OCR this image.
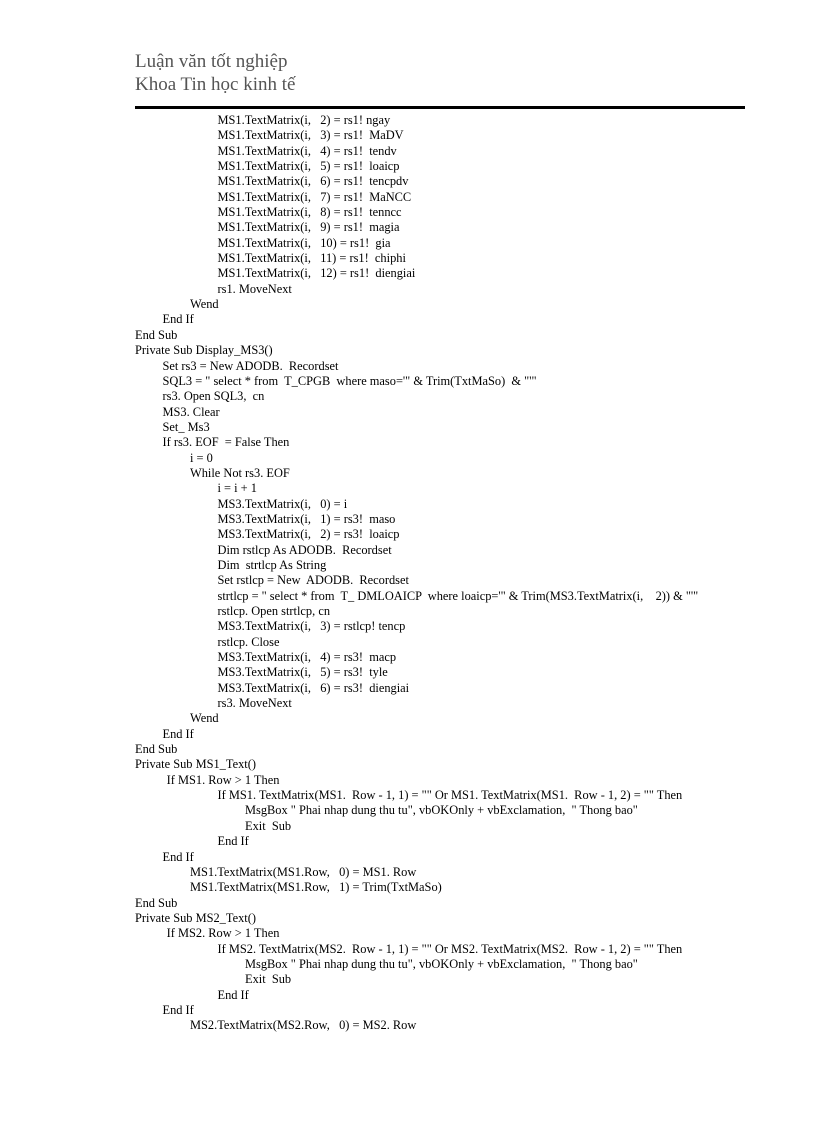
Luận văn tốt nghiệp
Khoa Tin học kinh tế
MS1.TextMatrix(i,   2) = rs1! ngay
MS1.TextMatrix(i,   3) = rs1!  MaDV
MS1.TextMatrix(i,   4) = rs1!  tendv
MS1.TextMatrix(i,   5) = rs1!  loaicp
MS1.TextMatrix(i,   6) = rs1!  tencpdv
MS1.TextMatrix(i,   7) = rs1!  MaNCC
MS1.TextMatrix(i,   8) = rs1!  tenncc
MS1.TextMatrix(i,   9) = rs1!  magia
MS1.TextMatrix(i,   10) = rs1!  gia
MS1.TextMatrix(i,   11) = rs1!  chiphi
MS1.TextMatrix(i,   12) = rs1!  diengiai
rs1. MoveNext
Wend
End If
End Sub
Private Sub Display_MS3()
Set rs3 = New ADODB.  Recordset
SQL3 = " select * from  T_CPGB  where maso='" & Trim(TxtMaSo)  & "'"
rs3. Open SQL3,  cn
MS3. Clear
Set_ Ms3
If rs3. EOF  = False Then
i = 0
While Not rs3. EOF
i = i + 1
MS3.TextMatrix(i,   0) = i
MS3.TextMatrix(i,   1) = rs3!  maso
MS3.TextMatrix(i,   2) = rs3!  loaicp
Dim rstlcp As ADODB.  Recordset
Dim  strtlcp As String
Set rstlcp = New  ADODB.  Recordset
strtlcp = " select * from  T_ DMLOAICP  where loaicp='" & Trim(MS3.TextMatrix(i,    2)) & "'"
rstlcp. Open strtlcp, cn
MS3.TextMatrix(i,   3) = rstlcp! tencp
rstlcp. Close
MS3.TextMatrix(i,   4) = rs3!  macp
MS3.TextMatrix(i,   5) = rs3!  tyle
MS3.TextMatrix(i,   6) = rs3!  diengiai
rs3. MoveNext
Wend
End If
End Sub
Private Sub MS1_Text()
If MS1. Row > 1 Then
If MS1. TextMatrix(MS1.  Row - 1, 1) = "" Or MS1. TextMatrix(MS1.  Row - 1, 2) = "" Then
MsgBox " Phai nhap dung thu tu", vbOKOnly + vbExclamation,  " Thong bao"
Exit  Sub
End If
End If
MS1.TextMatrix(MS1.Row,   0) = MS1. Row
MS1.TextMatrix(MS1.Row,   1) = Trim(TxtMaSo)
End Sub
Private Sub MS2_Text()
If MS2. Row > 1 Then
If MS2. TextMatrix(MS2.  Row - 1, 1) = "" Or MS2. TextMatrix(MS2.  Row - 1, 2) = "" Then
MsgBox " Phai nhap dung thu tu", vbOKOnly + vbExclamation,  " Thong bao"
Exit  Sub
End If
End If
MS2.TextMatrix(MS2.Row,   0) = MS2. Row
